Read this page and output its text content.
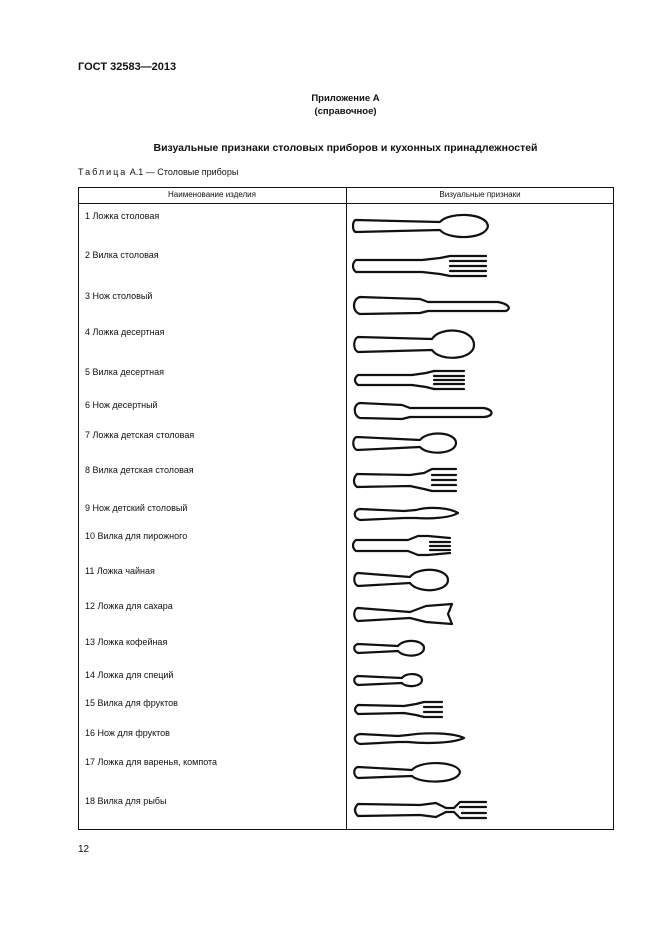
ГОСТ 32583—2013
Приложение А
(справочное)
Визуальные признаки столовых приборов и кухонных принадлежностей
Таблица А.1 — Столовые приборы
Наименование изделия	Визуальные признаки
1 Ложка столовая
2 Вилка столовая
3 Нож столовый
4 Ложка десертная
5 Вилка десертная
6 Нож десертный
7 Ложка детская столовая
8 Вилка детская столовая
9 Нож детский столовый
10 Вилка для пирожного
11 Ложка чайная
12 Ложка для сахара
13 Ложка кофейная
14 Ложка для специй
15 Вилка для фруктов
16 Нож для фруктов
17 Ложка для варенья, компота
18 Вилка для рыбы
12
